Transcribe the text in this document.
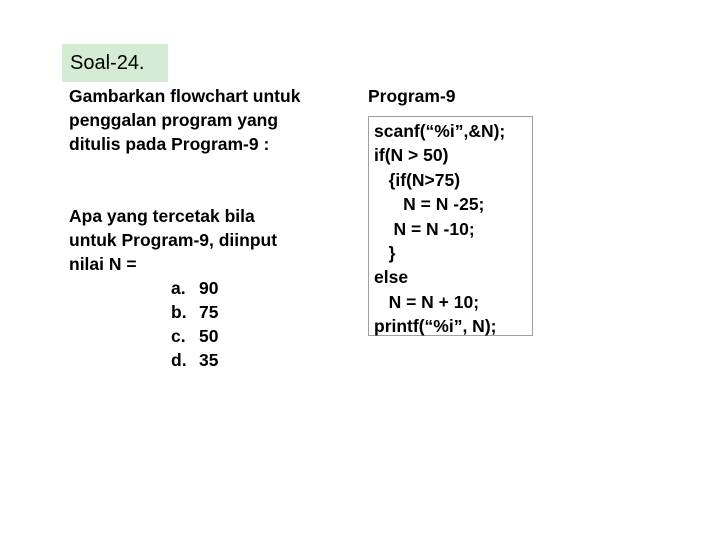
Soal-24.
Gambarkan flowchart untuk
penggalan program yang
ditulis pada Program-9 :
Apa yang tercetak bila
untuk Program-9, diinput
nilai N =
a. 90
b. 75
c. 50
d. 35
Program-9
scanf(“%i”,&N);
if(N > 50)
{if(N>75)
N = N -25;
N = N -10;
}
else
N = N + 10;
printf(“%i”, N);
